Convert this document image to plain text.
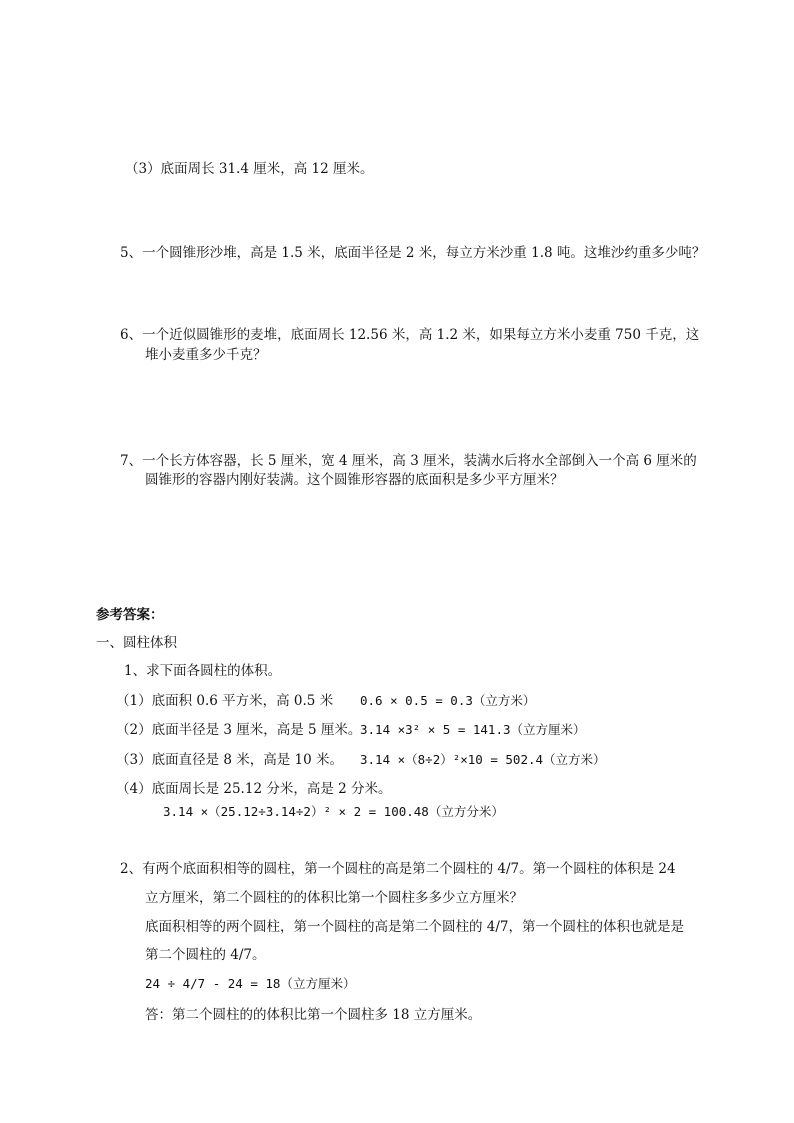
（3）底面周长 31.4 厘米，高 12 厘米。
5、一个圆锥形沙堆，高是 1.5 米，底面半径是 2 米，每立方米沙重 1.8 吨。这堆沙约重多少吨？
6、一个近似圆锥形的麦堆，底面周长 12.56 米，高 1.2 米，如果每立方米小麦重 750 千克，这
堆小麦重多少千克？
7、一个长方体容器，长 5 厘米，宽 4 厘米，高 3 厘米，装满水后将水全部倒入一个高 6 厘米的
圆锥形的容器内刚好装满。这个圆锥形容器的底面积是多少平方厘米？
参考答案：
一、圆柱体积
1、求下面各圆柱的体积。
（1）底面积 0.6 平方米，高 0.5 米 0.6 × 0.5 = 0.3（立方米）
（2）底面半径是 3 厘米，高是 5 厘米。
3.14 ×3² × 5 = 141.3（立方厘米）
（3）底面直径是 8 米，高是 10 米。 3.14 ×（8÷2）²×10 = 502.4（立方米）
（4）底面周长是 25.12 分米，高是 2 分米。
3.14 ×（25.12÷3.14÷2）² × 2 = 100.48（立方分米）
2、有两个底面积相等的圆柱，第一个圆柱的高是第二个圆柱的 4/7。第一个圆柱的体积是 24
立方厘米，第二个圆柱的的体积比第一个圆柱多多少立方厘米？
底面积相等的两个圆柱，第一个圆柱的高是第二个圆柱的 4/7，第一个圆柱的体积也就是是
第二个圆柱的 4/7。
24 ÷ 4/7 - 24 = 18（立方厘米）
答：第二个圆柱的的体积比第一个圆柱多 18 立方厘米。
